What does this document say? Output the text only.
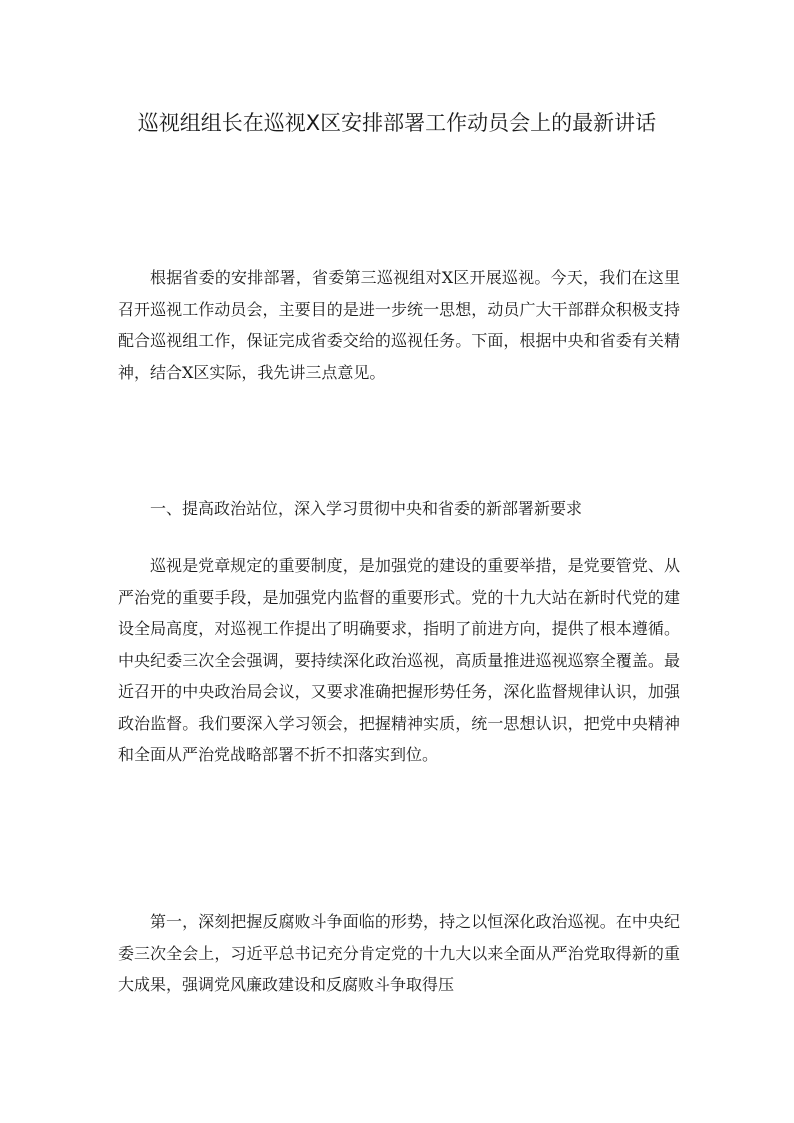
巡视组组长在巡视X区安排部署工作动员会上的最新讲话

根据省委的安排部署，省委第三巡视组对X区开展巡视。今天，我们在这里召开巡视工作动员会，主要目的是进一步统一思想，动员广大干部群众积极支持配合巡视组工作，保证完成省委交给的巡视任务。下面，根据中央和省委有关精神，结合X区实际，我先讲三点意见。

一、提高政治站位，深入学习贯彻中央和省委的新部署新要求

巡视是党章规定的重要制度，是加强党的建设的重要举措，是党要管党、从严治党的重要手段，是加强党内监督的重要形式。党的十九大站在新时代党的建设全局高度，对巡视工作提出了明确要求，指明了前进方向，提供了根本遵循。中央纪委三次全会强调，要持续深化政治巡视，高质量推进巡视巡察全覆盖。最近召开的中央政治局会议，又要求准确把握形势任务，深化监督规律认识，加强政治监督。我们要深入学习领会，把握精神实质，统一思想认识，把党中央精神和全面从严治党战略部署不折不扣落实到位。

第一，深刻把握反腐败斗争面临的形势，持之以恒深化政治巡视。在中央纪委三次全会上，习近平总书记充分肯定党的十九大以来全面从严治党取得新的重大成果，强调党风廉政建设和反腐败斗争取得压
